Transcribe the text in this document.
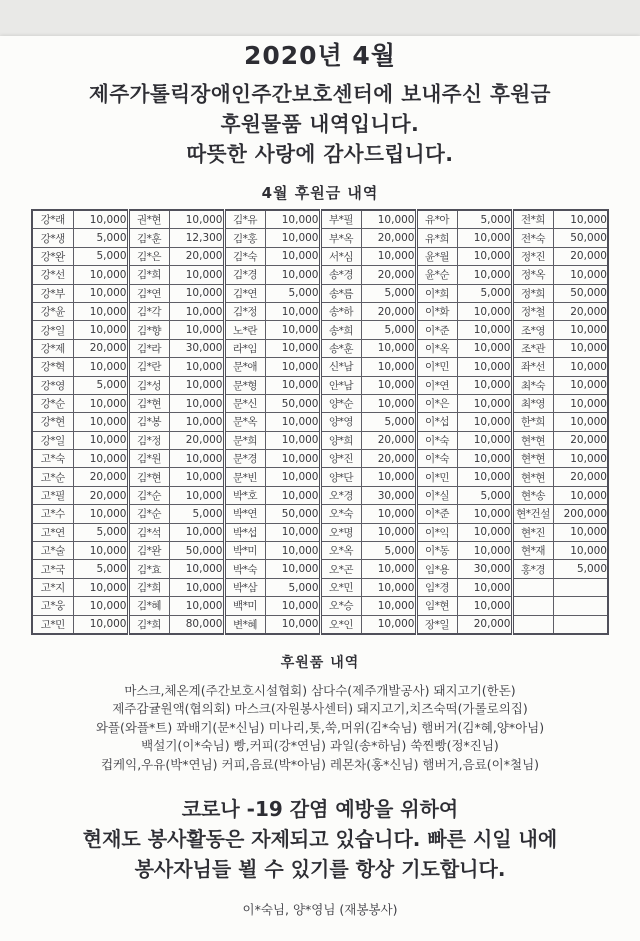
2020년 4월
제주가톨릭장애인주간보호센터에 보내주신 후원금
후원물품 내역입니다.
따뜻한 사랑에 감사드립니다.
4월 후원금 내역
강*래	10,000	권*현	10,000	김*유	10,000	부*필	10,000	유*아	5,000	전*희	10,000
강*생	5,000	김*훈	12,300	김*홍	10,000	부*옥	20,000	유*희	10,000	전*숙	50,000
강*완	5,000	김*은	20,000	김*숙	10,000	서*심	10,000	윤*월	10,000	정*진	20,000
강*선	10,000	김*희	10,000	김*경	10,000	송*경	20,000	윤*순	10,000	정*옥	10,000
강*부	10,000	김*연	10,000	김*연	5,000	송*름	5,000	이*희	5,000	정*희	50,000
강*윤	10,000	김*각	10,000	김*정	10,000	송*하	20,000	이*화	10,000	정*철	20,000
강*일	10,000	김*향	10,000	노*란	10,000	송*희	5,000	이*준	10,000	조*영	10,000
강*제	20,000	김*라	30,000	라*임	10,000	송*훈	10,000	이*옥	10,000	조*관	10,000
강*혁	10,000	김*란	10,000	문*애	10,000	신*남	10,000	이*민	10,000	좌*선	10,000
강*영	5,000	김*성	10,000	문*형	10,000	안*남	10,000	이*연	10,000	최*숙	10,000
강*순	10,000	김*현	10,000	문*신	50,000	양*순	10,000	이*은	10,000	최*영	10,000
강*현	10,000	김*봉	10,000	문*옥	10,000	양*영	5,000	이*섭	10,000	한*희	10,000
강*일	10,000	김*정	20,000	문*희	10,000	양*희	20,000	이*숙	10,000	현*현	20,000
고*숙	10,000	김*원	10,000	문*경	10,000	양*진	20,000	이*숙	10,000	현*현	10,000
고*순	20,000	김*현	10,000	문*빈	10,000	양*단	10,000	이*민	10,000	현*현	20,000
고*필	20,000	김*순	10,000	박*호	10,000	오*경	30,000	이*실	5,000	현*송	10,000
고*수	10,000	김*순	5,000	박*연	50,000	오*숙	10,000	이*준	10,000	현*건설	200,000
고*연	5,000	김*석	10,000	박*섭	10,000	오*명	10,000	이*익	10,000	현*진	10,000
고*술	10,000	김*완	50,000	박*미	10,000	오*옥	5,000	이*동	10,000	현*재	10,000
고*국	5,000	김*효	10,000	박*숙	10,000	오*곤	10,000	임*용	30,000	홍*경	5,000
고*지	10,000	김*희	10,000	박*삼	5,000	오*민	10,000	임*경	10,000		
고*웅	10,000	김*혜	10,000	백*미	10,000	오*승	10,000	임*현	10,000		
고*민	10,000	김*희	80,000	변*혜	10,000	오*인	10,000	장*일	20,000		
후원품 내역
마스크,체온계(주간보호시설협회) 삼다수(제주개발공사) 돼지고기(한돈)
제주감귤원액(협의회) 마스크(자원봉사센터) 돼지고기,치즈숙떡(가롤로의집)
와플(와플*트) 꽈배기(문*신님) 미나리,톳,쑥,머위(김*숙님) 햄버거(김*혜,양*아님)
백설기(이*숙님) 빵,커피(강*연님) 과일(송*하님) 쑥찐빵(정*진님)
컵케익,우유(박*연님) 커피,음료(박*아님) 레몬차(홍*신님) 햄버거,음료(이*철님)
코로나 -19 감염 예방을 위하여
현재도 봉사활동은 자제되고 있습니다. 빠른 시일 내에
봉사자님들 뵐 수 있기를 항상 기도합니다.
이*숙님, 양*영님 (재봉봉사)
